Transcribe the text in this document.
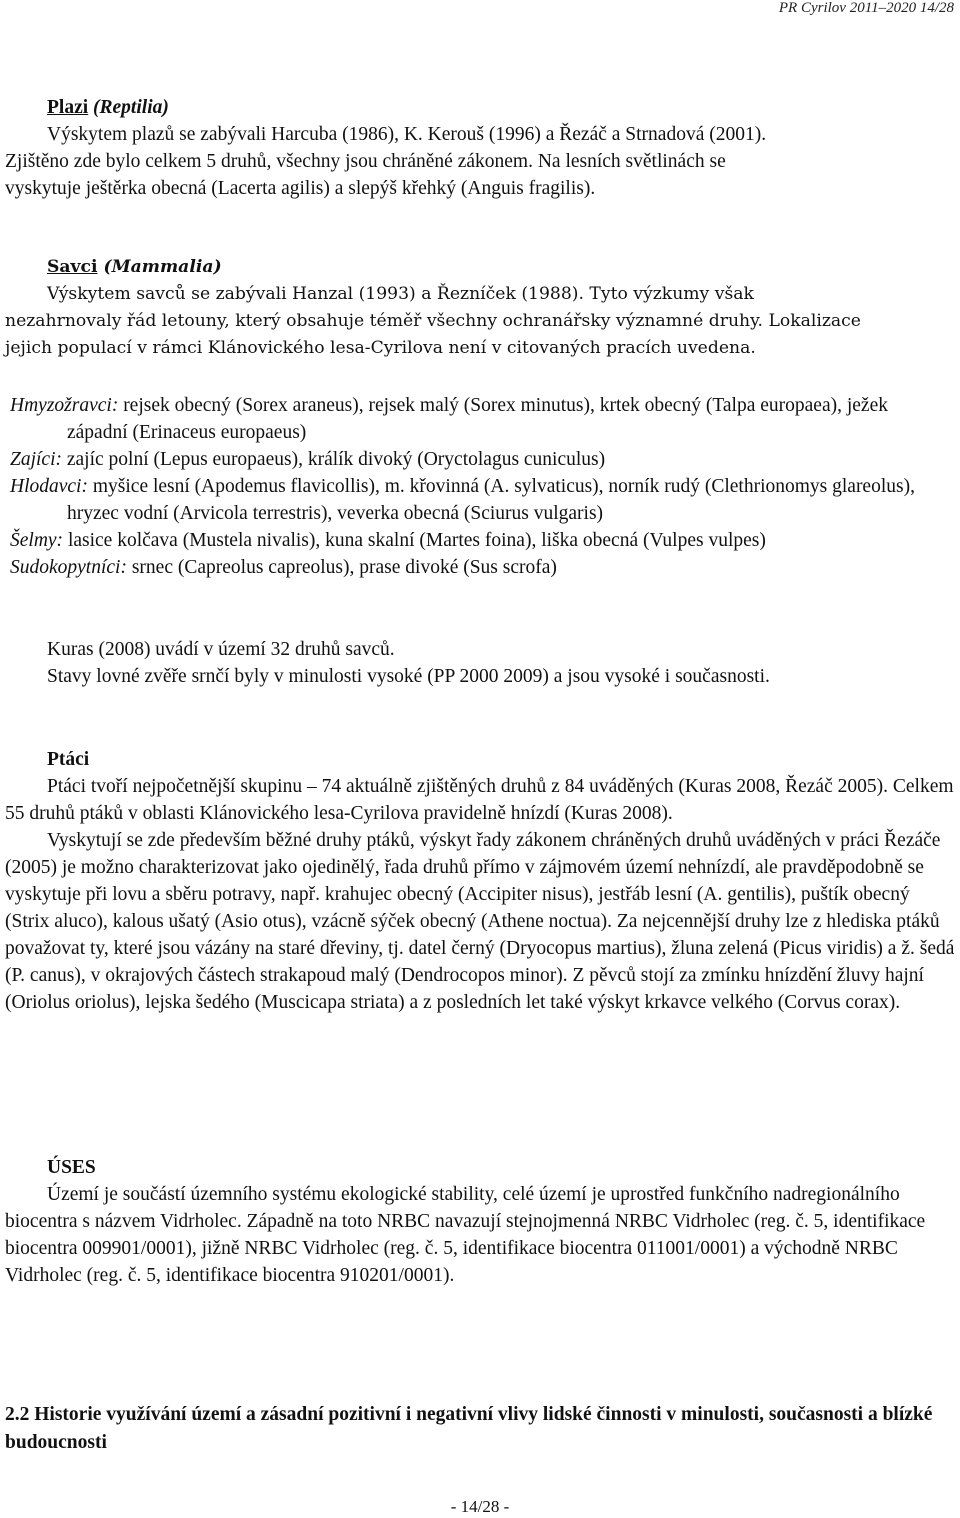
PR Cyrilov 2011–2020 14/28
Plazi (Reptilia)
Výskytem plazů se zabývali Harcuba (1986), K. Kerouš (1996) a Řezáč a Strnadová (2001).
Zjištěno zde bylo celkem 5 druhů, všechny jsou chráněné zákonem. Na lesních světlinách se
vyskytuje ještěrka obecná (Lacerta agilis) a slepýš křehký (Anguis fragilis).
Savci (Mammalia)
Výskytem savců se zabývali Hanzal (1993) a Řezníček (1988). Tyto výzkumy však
nezahrnovaly řád letouny, který obsahuje téměř všechny ochranářsky významné druhy. Lokalizace
jejich populací v rámci Klánovického lesa-Cyrilova není v citovaných pracích uvedena.
Hmyzožravci: rejsek obecný (Sorex araneus), rejsek malý (Sorex minutus), krtek obecný (Talpa europaea), ježek západní (Erinaceus europaeus)
Zajíci: zajíc polní (Lepus europaeus), králík divoký (Oryctolagus cuniculus)
Hlodavci: myšice lesní (Apodemus flavicollis), m. křovinná (A. sylvaticus), norník rudý (Clethrionomys glareolus), hryzec vodní (Arvicola terrestris), veverka obecná (Sciurus vulgaris)
Šelmy: lasice kolčava (Mustela nivalis), kuna skalní (Martes foina), liška obecná (Vulpes vulpes)
Sudokopytníci: srnec (Capreolus capreolus), prase divoké (Sus scrofa)
Kuras (2008) uvádí v území 32 druhů savců.
Stavy lovné zvěře srnčí byly v minulosti vysoké (PP 2000 2009) a jsou vysoké i současnosti.
Ptáci
Ptáci tvoří nejpočetnější skupinu – 74 aktuálně zjištěných druhů z 84 uváděných (Kuras 2008, Řezáč 2005). Celkem 55 druhů ptáků v oblasti Klánovického lesa-Cyrilova pravidelně hnízdí (Kuras 2008).
Vyskytují se zde především běžné druhy ptáků, výskyt řady zákonem chráněných druhů uváděných v práci Řezáče (2005) je možno charakterizovat jako ojedinělý, řada druhů přímo v zájmovém území nehnízdí, ale pravděpodobně se vyskytuje při lovu a sběru potravy, např. krahujec obecný (Accipiter nisus), jestřáb lesní (A. gentilis), puštík obecný (Strix aluco), kalous ušatý (Asio otus), vzácně sýček obecný (Athene noctua). Za nejcennější druhy lze z hlediska ptáků považovat ty, které jsou vázány na staré dřeviny, tj. datel černý (Dryocopus martius), žluna zelená (Picus viridis) a ž. šedá (P. canus), v okrajových částech strakapoud malý (Dendrocopos minor). Z pěvců stojí za zmínku hnízdění žluvy hajní (Oriolus oriolus), lejska šedého (Muscicapa striata) a z posledních let také výskyt krkavce velkého (Corvus corax).
ÚSES
Území je součástí územního systému ekologické stability, celé území je uprostřed funkčního nadregionálního biocentra s názvem Vidrholec. Západně na toto NRBC navazují stejnojmenná NRBC Vidrholec (reg. č. 5, identifikace biocentra 009901/0001), jižně NRBC Vidrholec (reg. č. 5, identifikace biocentra 011001/0001) a východně NRBC Vidrholec (reg. č. 5, identifikace biocentra 910201/0001).
2.2 Historie využívání území a zásadní pozitivní i negativní vlivy lidské činnosti v minulosti, současnosti a blízké budoucnosti
- 14/28 -
